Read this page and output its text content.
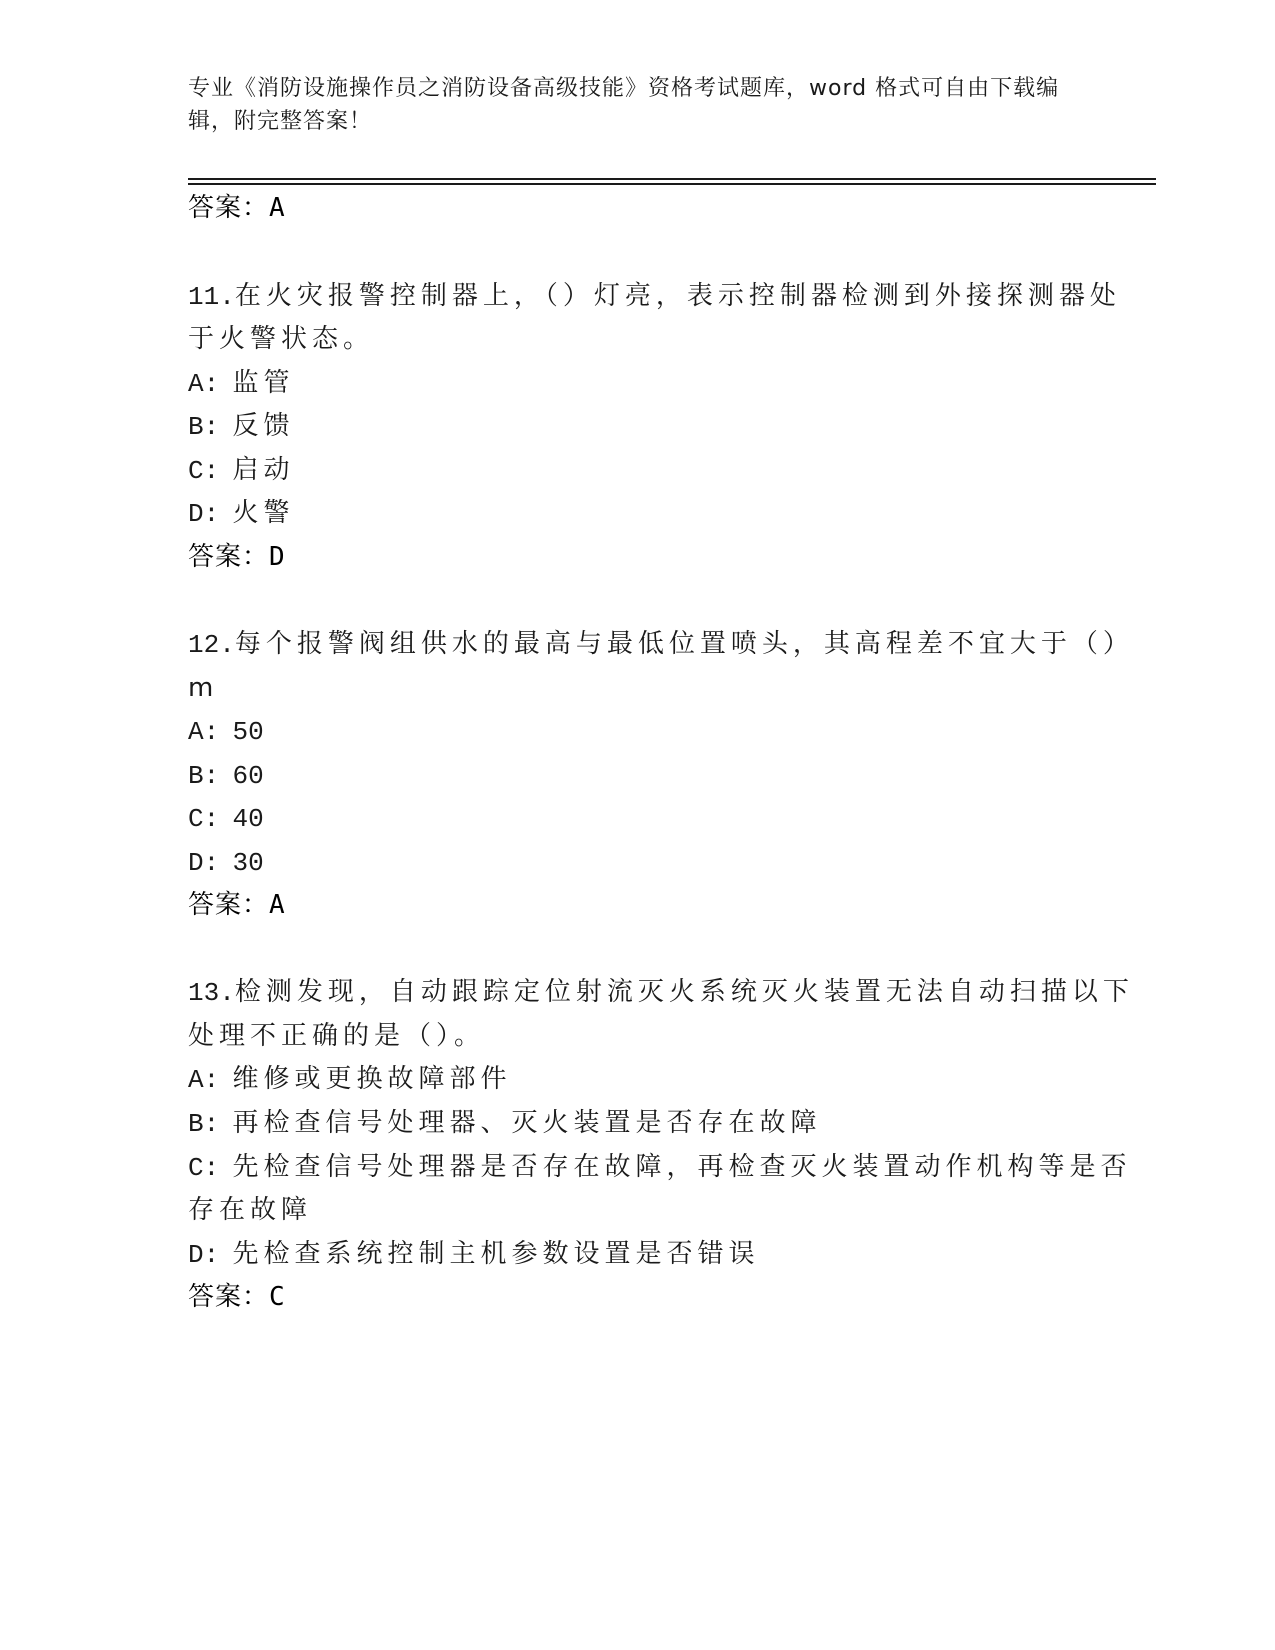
专业《消防设施操作员之消防设备高级技能》资格考试题库，word 格式可自由下载编辑，附完整答案！
答案：A
11.在火灾报警控制器上，（）灯亮，表示控制器检测到外接探测器处
于火警状态。
A: 监管
B: 反馈
C: 启动
D: 火警
答案：D
12.每个报警阀组供水的最高与最低位置喷头，其高程差不宜大于（）
m
A: 50
B: 60
C: 40
D: 30
答案：A
13.检测发现，自动跟踪定位射流灭火系统灭火装置无法自动扫描以下
处理不正确的是（）。
A: 维修或更换故障部件
B: 再检查信号处理器、灭火装置是否存在故障
C: 先检查信号处理器是否存在故障，再检查灭火装置动作机构等是否
存在故障
D: 先检查系统控制主机参数设置是否错误
答案：C
